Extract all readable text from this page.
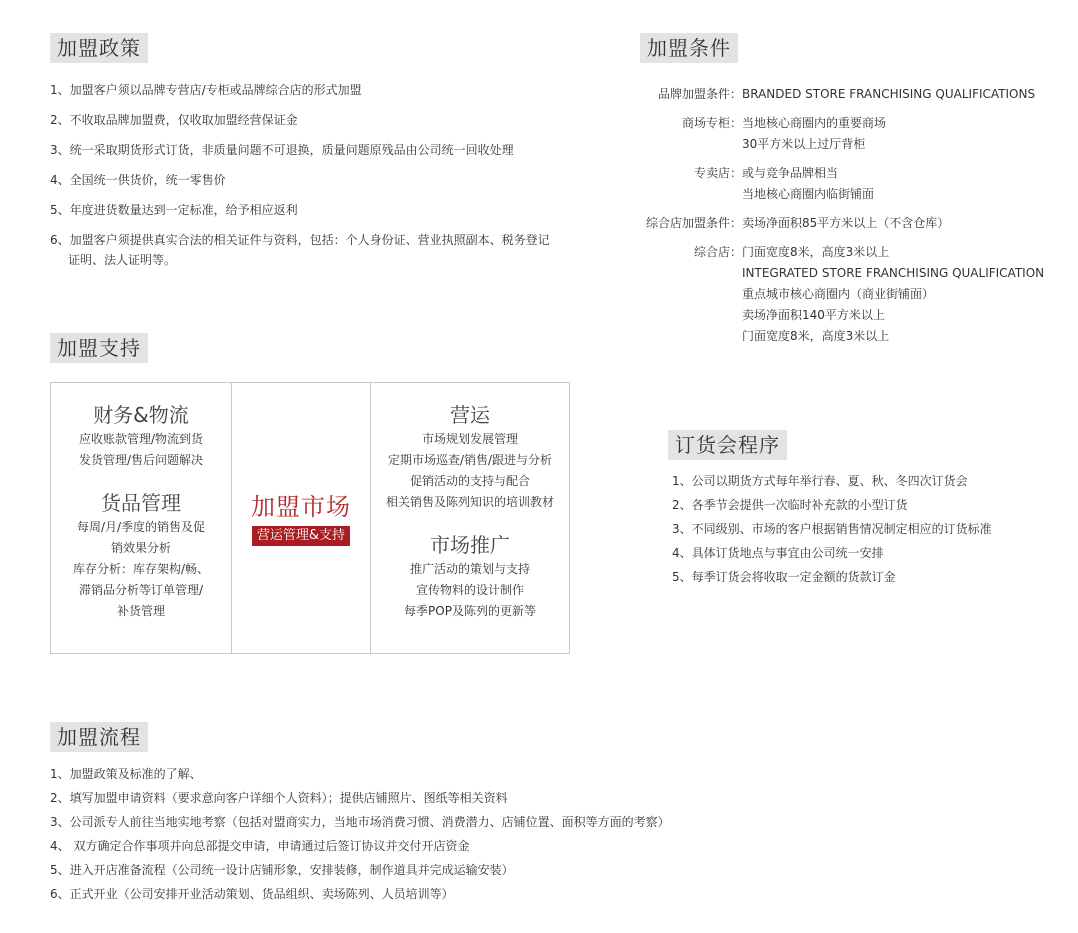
加盟政策
1、加盟客户须以品牌专营店/专柜或品牌综合店的形式加盟
2、不收取品牌加盟费，仅收取加盟经营保证金
3、统一采取期货形式订货，非质量问题不可退换，质量问题原残品由公司统一回收处理
4、全国统一供货价，统一零售价
5、年度进货数量达到一定标准，给予相应返利
6、加盟客户须提供真实合法的相关证件与资料，包括：个人身份证、营业执照副本、税务登记
证明、法人证明等。
加盟条件
品牌加盟条件： BRANDED STORE FRANCHISING QUALIFICATIONS
商场专柜： 当地核心商圈内的重要商场
30平方米以上过厅背柜
专卖店： 或与竞争品牌相当
当地核心商圈内临街铺面
综合店加盟条件： 卖场净面积85平方米以上（不含仓库）
综合店： 门面宽度8米，高度3米以上
INTEGRATED STORE FRANCHISING QUALIFICATION
重点城市核心商圈内（商业街铺面）
卖场净面积140平方米以上
门面宽度8米，高度3米以上
加盟支持
财务&物流
应收账款管理/物流到货
发货管理/售后问题解决
货品管理
每周/月/季度的销售及促
销效果分析
库存分析：库存架构/畅、
滞销品分析等订单管理/
补货管理
加盟市场
营运管理&支持
营运
市场规划发展管理
定期市场巡查/销售/跟进与分析
促销活动的支持与配合
相关销售及陈列知识的培训教材
市场推广
推广活动的策划与支持
宣传物料的设计制作
每季POP及陈列的更新等
订货会程序
1、公司以期货方式每年举行春、夏、秋、冬四次订货会
2、各季节会提供一次临时补充款的小型订货
3、不同级别、市场的客户根据销售情况制定相应的订货标准
4、具体订货地点与事宜由公司统一安排
5、每季订货会将收取一定金额的货款订金
加盟流程
1、加盟政策及标准的了解、
2、填写加盟申请资料（要求意向客户详细个人资料）；提供店铺照片、图纸等相关资料
3、公司派专人前往当地实地考察（包括对盟商实力，当地市场消费习惯、消费潜力、店铺位置、面积等方面的考察）
4、 双方确定合作事项并向总部提交申请，申请通过后签订协议并交付开店资金
5、进入开店准备流程（公司统一设计店铺形象，安排装修，制作道具并完成运输安装）
6、正式开业（公司安排开业活动策划、货品组织、卖场陈列、人员培训等）
